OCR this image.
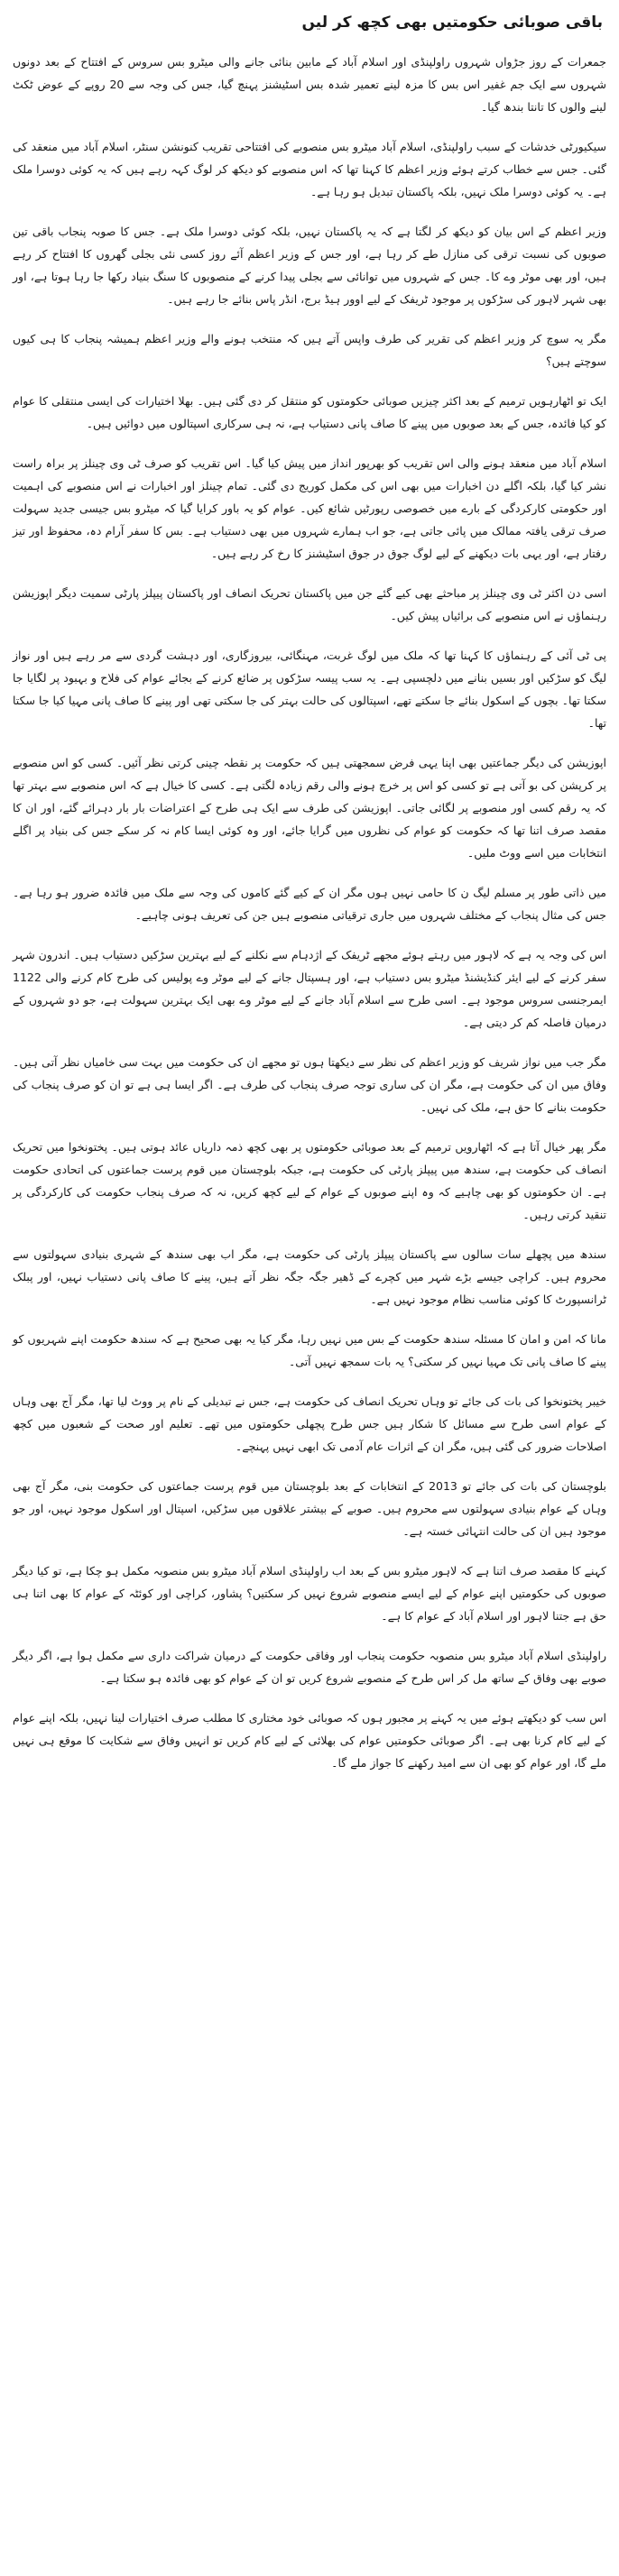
باقی صوبائی حکومتیں بھی کچھ کر لیں
جمعرات کے روز جڑواں شہروں راولپنڈی اور اسلام آباد کے مابین بنائی جانے والی میٹرو بس سروس کے افتتاح کے بعد دونوں شہروں سے ایک جم غفیر اس بس کا مزہ لینے تعمیر شدہ بس اسٹیشنز پہنچ گیا، جس کی وجہ سے 20 روپے کے عوض ٹکٹ لینے والوں کا تانتا بندھ گیا۔
سیکیورٹی خدشات کے سبب راولپنڈی، اسلام آباد میٹرو بس منصوبے کی افتتاحی تقریب کنونشن سنٹر، اسلام آباد میں منعقد کی گئی۔ جس سے خطاب کرتے ہوئے وزیر اعظم کا کہنا تھا کہ اس منصوبے کو دیکھ کر لوگ کہہ رہے ہیں کہ یہ کوئی دوسرا ملک ہے۔ یہ کوئی دوسرا ملک نہیں، بلکہ پاکستان تبدیل ہو رہا ہے۔
وزیر اعظم کے اس بیان کو دیکھ کر لگتا ہے کہ یہ پاکستان نہیں، بلکہ کوئی دوسرا ملک ہے۔ جس کا صوبہ پنجاب باقی تین صوبوں کی نسبت ترقی کی منازل طے کر رہا ہے، اور جس کے وزیر اعظم آئے روز کسی نئی بجلی گھروں کا افتتاح کر رہے ہیں، اور بھی موٹر وے کا۔ جس کے شہروں میں توانائی سے بجلی پیدا کرنے کے منصوبوں کا سنگ بنیاد رکھا جا رہا ہوتا ہے، اور بھی شہر لاہور کی سڑکوں پر موجود ٹریفک کے لیے اوور ہیڈ برج، انڈر پاس بنائے جا رہے ہیں۔
مگر یہ سوچ کر وزیر اعظم کی تقریر کی طرف واپس آتے ہیں کہ منتخب ہونے والے وزیر اعظم ہمیشہ پنجاب کا ہی کیوں سوچتے ہیں؟
ایک تو اٹھارہویں ترمیم کے بعد اکثر چیزیں صوبائی حکومتوں کو منتقل کر دی گئی ہیں۔ بھلا اختیارات کی ایسی منتقلی کا عوام کو کیا فائدہ، جس کے بعد صوبوں میں پینے کا صاف پانی دستیاب ہے، نہ ہی سرکاری اسپتالوں میں دوائیں ہیں۔
اسلام آباد میں منعقد ہونے والی اس تقریب کو بھرپور انداز میں پیش کیا گیا۔ اس تقریب کو صرف ٹی وی چینلز پر براہ راست نشر کیا گیا، بلکہ اگلے دن اخبارات میں بھی اس کی مکمل کوریج دی گئی۔ تمام چینلز اور اخبارات نے اس منصوبے کی اہمیت اور حکومتی کارکردگی کے بارے میں خصوصی رپورٹیں شائع کیں۔ عوام کو یہ باور کرایا گیا کہ میٹرو بس جیسی جدید سہولت صرف ترقی یافتہ ممالک میں پائی جاتی ہے، جو اب ہمارے شہروں میں بھی دستیاب ہے۔ بس کا سفر آرام دہ، محفوظ اور تیز رفتار ہے، اور یہی بات دیکھنے کے لیے لوگ جوق در جوق اسٹیشنز کا رخ کر رہے ہیں۔
اسی دن اکثر ٹی وی چینلز پر مباحثے بھی کیے گئے جن میں پاکستان تحریک انصاف اور پاکستان پیپلز پارٹی سمیت دیگر اپوزیشن رہنماؤں نے اس منصوبے کی برائیاں پیش کیں۔
پی ٹی آئی کے رہنماؤں کا کہنا تھا کہ ملک میں لوگ غربت، مہنگائی، بیروزگاری، اور دہشت گردی سے مر رہے ہیں اور نواز لیگ کو سڑکیں اور بسیں بنانے میں دلچسپی ہے۔ یہ سب پیسہ سڑکوں پر ضائع کرنے کے بجائے عوام کی فلاح و بہبود پر لگایا جا سکتا تھا۔ بچوں کے اسکول بنائے جا سکتے تھے، اسپتالوں کی حالت بہتر کی جا سکتی تھی اور پینے کا صاف پانی مہیا کیا جا سکتا تھا۔
اپوزیشن کی دیگر جماعتیں بھی اپنا یہی فرض سمجھتی ہیں کہ حکومت پر نقطہ چینی کرتی نظر آئیں۔ کسی کو اس منصوبے پر کرپشن کی بو آتی ہے تو کسی کو اس پر خرچ ہونے والی رقم زیادہ لگتی ہے۔ کسی کا خیال ہے کہ اس منصوبے سے بہتر تھا کہ یہ رقم کسی اور منصوبے پر لگائی جاتی۔ اپوزیشن کی طرف سے ایک ہی طرح کے اعتراضات بار بار دہرائے گئے، اور ان کا مقصد صرف اتنا تھا کہ حکومت کو عوام کی نظروں میں گرایا جائے، اور وہ کوئی ایسا کام نہ کر سکے جس کی بنیاد پر اگلے انتخابات میں اسے ووٹ ملیں۔
میں ذاتی طور پر مسلم لیگ ن کا حامی نہیں ہوں مگر ان کے کیے گئے کاموں کی وجہ سے ملک میں فائدہ ضرور ہو رہا ہے۔ جس کی مثال پنجاب کے مختلف شہروں میں جاری ترقیاتی منصوبے ہیں جن کی تعریف ہونی چاہیے۔
اس کی وجہ یہ ہے کہ لاہور میں رہتے ہوئے مجھے ٹریفک کے اژدہام سے نکلنے کے لیے بہترین سڑکیں دستیاب ہیں۔ اندرون شہر سفر کرنے کے لیے ایئر کنڈیشنڈ میٹرو بس دستیاب ہے، اور ہسپتال جانے کے لیے موٹر وے پولیس کی طرح کام کرنے والی 1122 ایمرجنسی سروس موجود ہے۔ اسی طرح سے اسلام آباد جانے کے لیے موٹر وے بھی ایک بہترین سہولت ہے، جو دو شہروں کے درمیان فاصلہ کم کر دیتی ہے۔
مگر جب میں نواز شریف کو وزیر اعظم کی نظر سے دیکھتا ہوں تو مجھے ان کی حکومت میں بہت سی خامیاں نظر آتی ہیں۔ وفاق میں ان کی حکومت ہے، مگر ان کی ساری توجہ صرف پنجاب کی طرف ہے۔ اگر ایسا ہی ہے تو ان کو صرف پنجاب کی حکومت بنانے کا حق ہے، ملک کی نہیں۔
مگر پھر خیال آتا ہے کہ اٹھارویں ترمیم کے بعد صوبائی حکومتوں پر بھی کچھ ذمہ داریاں عائد ہوتی ہیں۔ پختونخوا میں تحریک انصاف کی حکومت ہے، سندھ میں پیپلز پارٹی کی حکومت ہے، جبکہ بلوچستان میں قوم پرست جماعتوں کی اتحادی حکومت ہے۔ ان حکومتوں کو بھی چاہیے کہ وہ اپنے صوبوں کے عوام کے لیے کچھ کریں، نہ کہ صرف پنجاب حکومت کی کارکردگی پر تنقید کرتی رہیں۔
سندھ میں پچھلے سات سالوں سے پاکستان پیپلز پارٹی کی حکومت ہے، مگر اب بھی سندھ کے شہری بنیادی سہولتوں سے محروم ہیں۔ کراچی جیسے بڑے شہر میں کچرے کے ڈھیر جگہ جگہ نظر آتے ہیں، پینے کا صاف پانی دستیاب نہیں، اور پبلک ٹرانسپورٹ کا کوئی مناسب نظام موجود نہیں ہے۔
مانا کہ امن و امان کا مسئلہ سندھ حکومت کے بس میں نہیں رہا، مگر کیا یہ بھی صحیح ہے کہ سندھ حکومت اپنے شہریوں کو پینے کا صاف پانی تک مہیا نہیں کر سکتی؟ یہ بات سمجھ نہیں آتی۔
خیبر پختونخوا کی بات کی جائے تو وہاں تحریک انصاف کی حکومت ہے، جس نے تبدیلی کے نام پر ووٹ لیا تھا، مگر آج بھی وہاں کے عوام اسی طرح سے مسائل کا شکار ہیں جس طرح پچھلی حکومتوں میں تھے۔ تعلیم اور صحت کے شعبوں میں کچھ اصلاحات ضرور کی گئی ہیں، مگر ان کے اثرات عام آدمی تک ابھی نہیں پہنچے۔
بلوچستان کی بات کی جائے تو 2013 کے انتخابات کے بعد بلوچستان میں قوم پرست جماعتوں کی حکومت بنی، مگر آج بھی وہاں کے عوام بنیادی سہولتوں سے محروم ہیں۔ صوبے کے بیشتر علاقوں میں سڑکیں، اسپتال اور اسکول موجود نہیں، اور جو موجود ہیں ان کی حالت انتہائی خستہ ہے۔
کہنے کا مقصد صرف اتنا ہے کہ لاہور میٹرو بس کے بعد اب راولپنڈی اسلام آباد میٹرو بس منصوبہ مکمل ہو چکا ہے، تو کیا دیگر صوبوں کی حکومتیں اپنے عوام کے لیے ایسے منصوبے شروع نہیں کر سکتیں؟ پشاور، کراچی اور کوئٹہ کے عوام کا بھی اتنا ہی حق ہے جتنا لاہور اور اسلام آباد کے عوام کا ہے۔
راولپنڈی اسلام آباد میٹرو بس منصوبہ حکومت پنجاب اور وفاقی حکومت کے درمیان شراکت داری سے مکمل ہوا ہے، اگر دیگر صوبے بھی وفاق کے ساتھ مل کر اس طرح کے منصوبے شروع کریں تو ان کے عوام کو بھی فائدہ ہو سکتا ہے۔
اس سب کو دیکھتے ہوئے میں یہ کہنے پر مجبور ہوں کہ صوبائی خود مختاری کا مطلب صرف اختیارات لینا نہیں، بلکہ اپنے عوام کے لیے کام کرنا بھی ہے۔ اگر صوبائی حکومتیں عوام کی بھلائی کے لیے کام کریں تو انہیں وفاق سے شکایت کا موقع ہی نہیں ملے گا، اور عوام کو بھی ان سے امید رکھنے کا جواز ملے گا۔
